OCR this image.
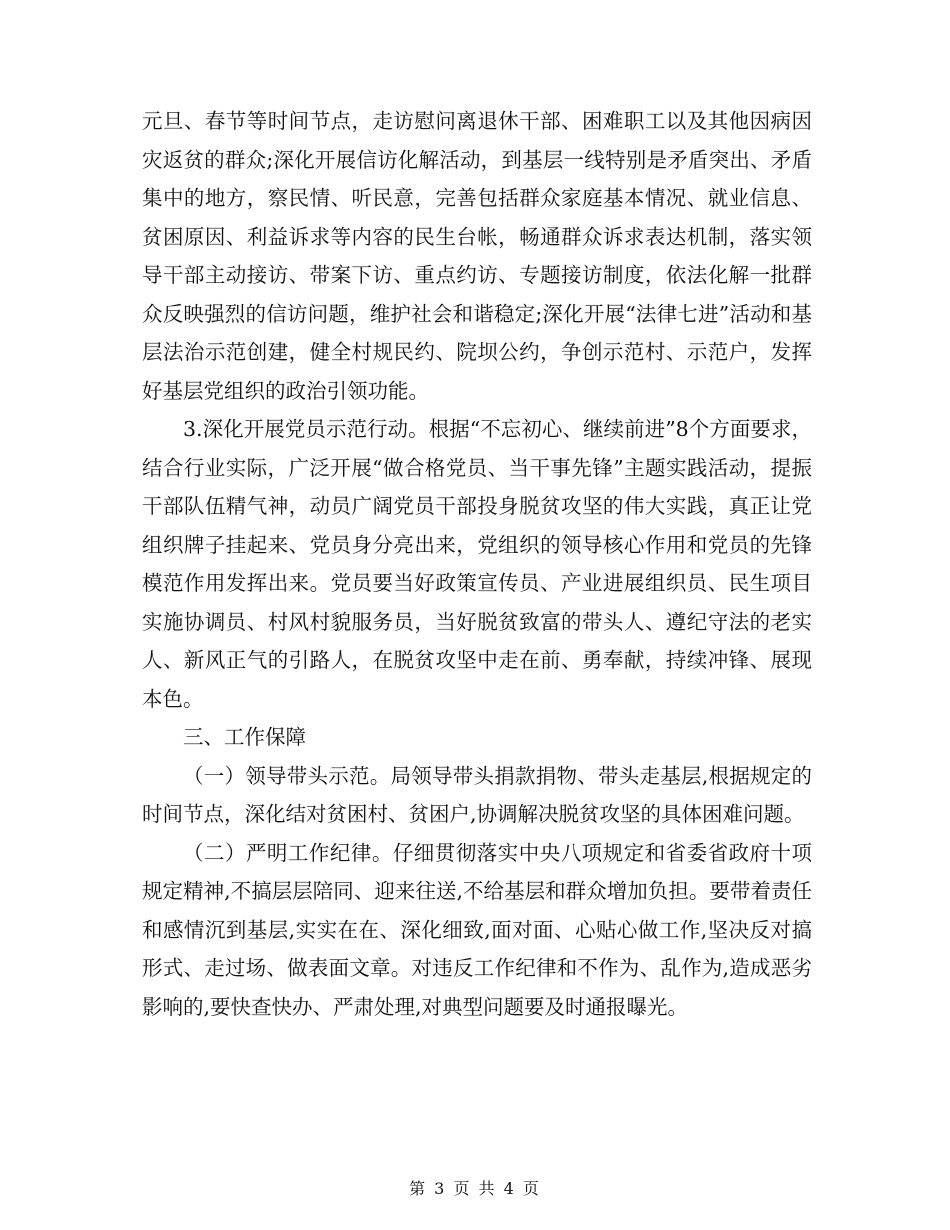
元旦、春节等时间节点，走访慰问离退休干部、困难职工以及其他因病因灾返贫的群众;深化开展信访化解活动，到基层一线特别是矛盾突出、矛盾集中的地方，察民情、听民意，完善包括群众家庭基本情况、就业信息、贫困原因、利益诉求等内容的民生台帐，畅通群众诉求表达机制，落实领导干部主动接访、带案下访、重点约访、专题接访制度，依法化解一批群众反映强烈的信访问题，维护社会和谐稳定;深化开展“法律七进”活动和基层法治示范创建，健全村规民约、院坝公约，争创示范村、示范户，发挥好基层党组织的政治引领功能。

3.深化开展党员示范行动。根据“不忘初心、继续前进”8个方面要求，结合行业实际，广泛开展“做合格党员、当干事先锋”主题实践活动，提振干部队伍精气神，动员广阔党员干部投身脱贫攻坚的伟大实践，真正让党组织牌子挂起来、党员身分亮出来，党组织的领导核心作用和党员的先锋模范作用发挥出来。党员要当好政策宣传员、产业进展组织员、民生项目实施协调员、村风村貌服务员，当好脱贫致富的带头人、遵纪守法的老实人、新风正气的引路人，在脱贫攻坚中走在前、勇奉献，持续冲锋、展现本色。

三、工作保障

（一）领导带头示范。局领导带头捐款捐物、带头走基层,根据规定的时间节点，深化结对贫困村、贫困户,协调解决脱贫攻坚的具体困难问题。

（二）严明工作纪律。仔细贯彻落实中央八项规定和省委省政府十项规定精神,不搞层层陪同、迎来往送,不给基层和群众增加负担。要带着责任和感情沉到基层,实实在在、深化细致,面对面、心贴心做工作,坚决反对搞形式、走过场、做表面文章。对违反工作纪律和不作为、乱作为,造成恶劣影响的,要快查快办、严肃处理,对典型问题要及时通报曝光。

第 3 页 共 4 页
